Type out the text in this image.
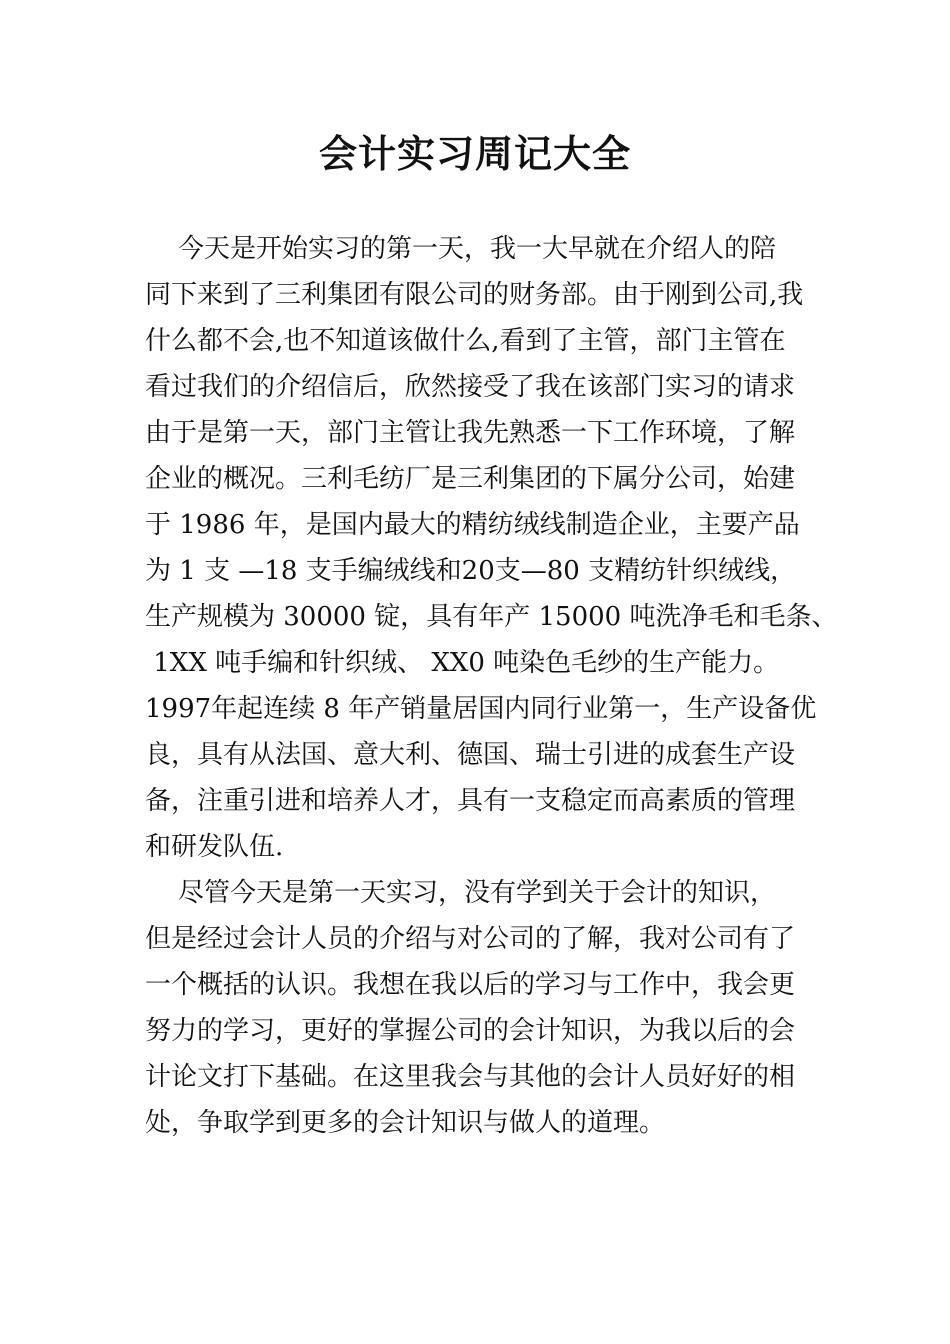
会计实习周记大全
今天是开始实习的第一天，我一大早就在介绍人的陪
同下来到了三利集团有限公司的财务部。由于刚到公司,我
什么都不会,也不知道该做什么,看到了主管，部门主管在
看过我们的介绍信后，欣然接受了我在该部门实习的请求
由于是第一天，部门主管让我先熟悉一下工作环境，了解
企业的概况。三利毛纺厂是三利集团的下属分公司，始建
于 1986 年，是国内最大的精纺绒线制造企业，主要产品
为 1 支 —18 支手编绒线和20支—80 支精纺针织绒线，
生产规模为 30000 锭，具有年产 15000 吨洗净毛和毛条、
1XX 吨手编和针织绒、 XX0 吨染色毛纱的生产能力。
1997年起连续 8 年产销量居国内同行业第一，生产设备优
良，具有从法国、意大利、德国、瑞士引进的成套生产设
备，注重引进和培养人才，具有一支稳定而高素质的管理
和研发队伍.
尽管今天是第一天实习，没有学到关于会计的知识，
但是经过会计人员的介绍与对公司的了解，我对公司有了
一个概括的认识。我想在我以后的学习与工作中，我会更
努力的学习，更好的掌握公司的会计知识，为我以后的会
计论文打下基础。在这里我会与其他的会计人员好好的相
处，争取学到更多的会计知识与做人的道理。
